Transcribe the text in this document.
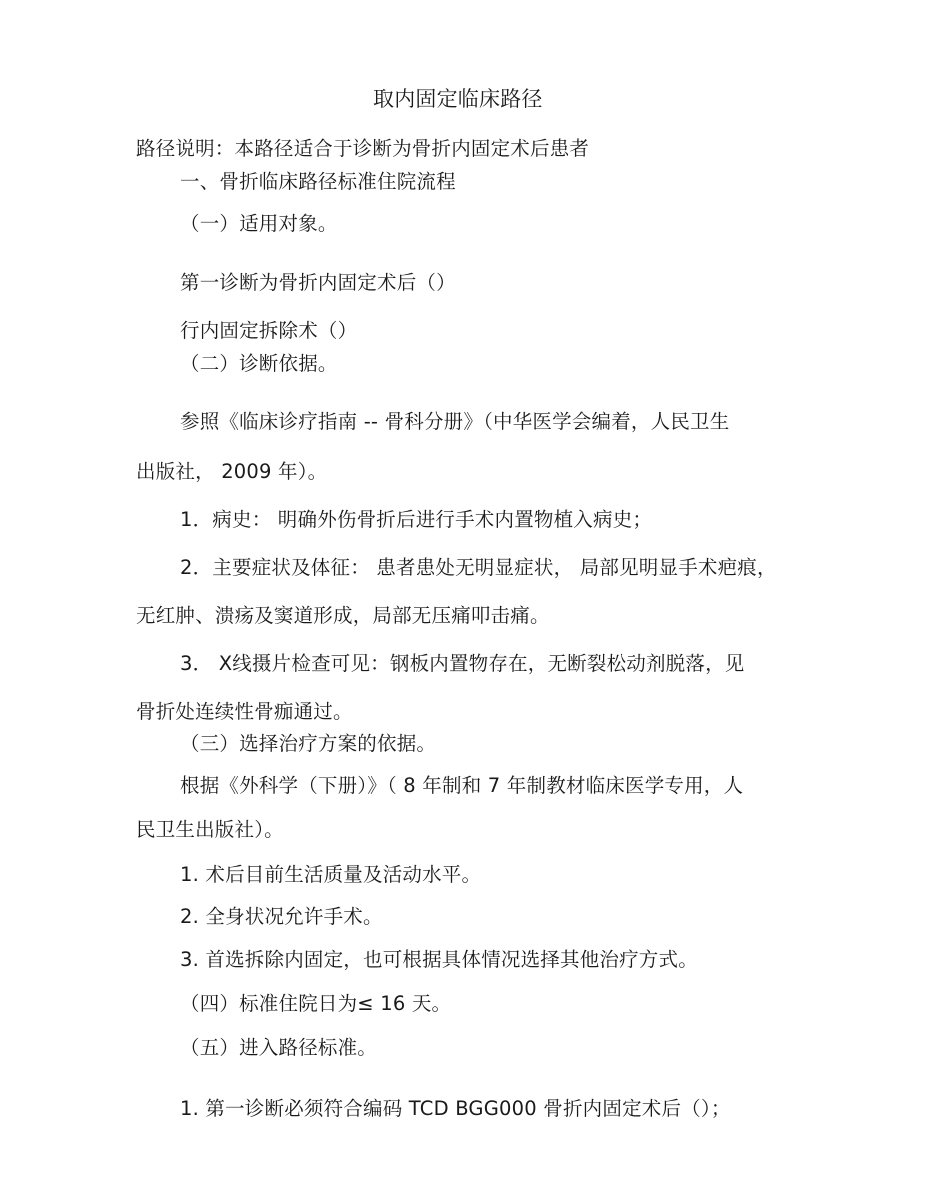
取内固定临床路径
路径说明：本路径适合于诊断为骨折内固定术后患者
一、骨折临床路径标准住院流程
（一）适用对象。
第一诊断为骨折内固定术后（）
行内固定拆除术（）
（二）诊断依据。
参照《临床诊疗指南 -- 骨科分册》（中华医学会编着，人民卫生
出版社， 2009 年）。
1．病史： 明确外伤骨折后进行手术内置物植入病史；
2．主要症状及体征： 患者患处无明显症状， 局部见明显手术疤痕，
无红肿、溃疡及窦道形成，局部无压痛叩击痛。
3． X线摄片检查可见：钢板内置物存在，无断裂松动剂脱落，见
骨折处连续性骨痂通过。
（三）选择治疗方案的依据。
根据《外科学（下册）》（ 8 年制和 7 年制教材临床医学专用，人
民卫生出版社）。
1. 术后目前生活质量及活动水平。
2. 全身状况允许手术。
3. 首选拆除内固定，也可根据具体情况选择其他治疗方式。
（四）标准住院日为≤ 16 天。
（五）进入路径标准。
1. 第一诊断必须符合编码 TCD BGG000 骨折内固定术后（）；
